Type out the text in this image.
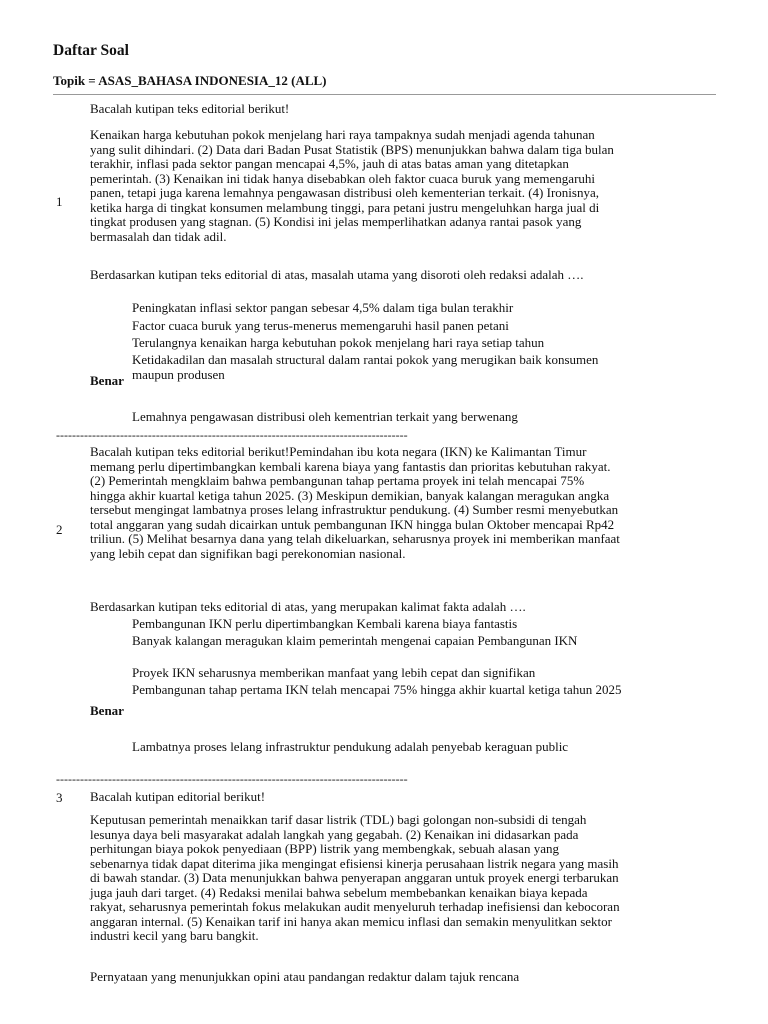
Daftar Soal
Topik = ASAS_BAHASA INDONESIA_12 (ALL)
Bacalah kutipan teks editorial berikut!
1
Kenaikan harga kebutuhan pokok menjelang hari raya tampaknya sudah menjadi agenda tahunan yang sulit dihindari. (2) Data dari Badan Pusat Statistik (BPS) menunjukkan bahwa dalam tiga bulan terakhir, inflasi pada sektor pangan mencapai 4,5%, jauh di atas batas aman yang ditetapkan pemerintah. (3) Kenaikan ini tidak hanya disebabkan oleh faktor cuaca buruk yang memengaruhi panen, tetapi juga karena lemahnya pengawasan distribusi oleh kementerian terkait. (4) Ironisnya, ketika harga di tingkat konsumen melambung tinggi, para petani justru mengeluhkan harga jual di tingkat produsen yang stagnan. (5) Kondisi ini jelas memperlihatkan adanya rantai pasok yang bermasalah dan tidak adil.
Berdasarkan kutipan teks editorial di atas, masalah utama yang disoroti oleh redaksi adalah ….
Peningkatan inflasi sektor pangan sebesar 4,5% dalam tiga bulan terakhir
Factor cuaca buruk yang terus-menerus memengaruhi hasil panen petani
Terulangnya kenaikan harga kebutuhan pokok menjelang hari raya setiap tahun
Ketidakadilan dan masalah structural dalam rantai pokok yang merugikan baik konsumen maupun produsen
Benar
Lemahnya pengawasan distribusi oleh kementrian terkait yang berwenang
----------------------------------------------------------------------------------------
2
Bacalah kutipan teks editorial berikut!Pemindahan ibu kota negara (IKN) ke Kalimantan Timur memang perlu dipertimbangkan kembali karena biaya yang fantastis dan prioritas kebutuhan rakyat. (2) Pemerintah mengklaim bahwa pembangunan tahap pertama proyek ini telah mencapai 75% hingga akhir kuartal ketiga tahun 2025. (3) Meskipun demikian, banyak kalangan meragukan angka tersebut mengingat lambatnya proses lelang infrastruktur pendukung. (4) Sumber resmi menyebutkan total anggaran yang sudah dicairkan untuk pembangunan IKN hingga bulan Oktober mencapai Rp42 triliun. (5) Melihat besarnya dana yang telah dikeluarkan, seharusnya proyek ini memberikan manfaat yang lebih cepat dan signifikan bagi perekonomian nasional.
Berdasarkan kutipan teks editorial di atas, yang merupakan kalimat fakta adalah ….
Pembangunan IKN perlu dipertimbangkan Kembali karena biaya fantastis
Banyak kalangan meragukan klaim pemerintah mengenai capaian Pembangunan IKN
Proyek IKN seharusnya memberikan manfaat yang lebih cepat dan signifikan
Pembangunan tahap pertama IKN telah mencapai 75% hingga akhir kuartal ketiga tahun 2025
Benar
Lambatnya proses lelang infrastruktur pendukung adalah penyebab keraguan public
----------------------------------------------------------------------------------------
3 Bacalah kutipan editorial berikut!
Keputusan pemerintah menaikkan tarif dasar listrik (TDL) bagi golongan non-subsidi di tengah lesunya daya beli masyarakat adalah langkah yang gegabah. (2) Kenaikan ini didasarkan pada perhitungan biaya pokok penyediaan (BPP) listrik yang membengkak, sebuah alasan yang sebenarnya tidak dapat diterima jika mengingat efisiensi kinerja perusahaan listrik negara yang masih di bawah standar. (3) Data menunjukkan bahwa penyerapan anggaran untuk proyek energi terbarukan juga jauh dari target. (4) Redaksi menilai bahwa sebelum membebankan kenaikan biaya kepada rakyat, seharusnya pemerintah fokus melakukan audit menyeluruh terhadap inefisiensi dan kebocoran anggaran internal. (5) Kenaikan tarif ini hanya akan memicu inflasi dan semakin menyulitkan sektor industri kecil yang baru bangkit.
Pernyataan yang menunjukkan opini atau pandangan redaktur dalam tajuk rencana
